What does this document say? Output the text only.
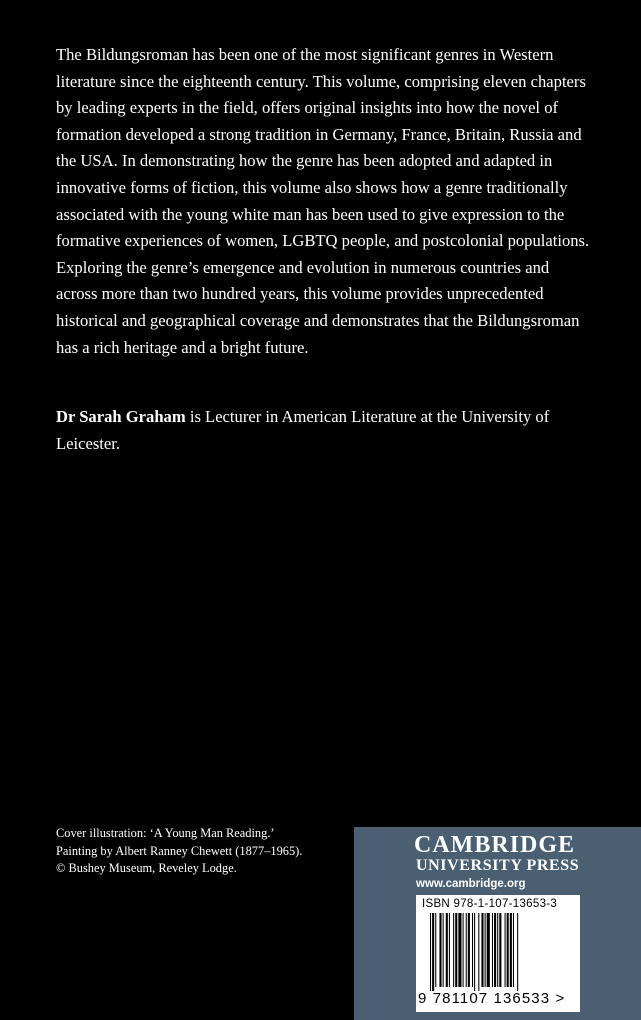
The Bildungsroman has been one of the most significant genres in Western literature since the eighteenth century. This volume, comprising eleven chapters by leading experts in the field, offers original insights into how the novel of formation developed a strong tradition in Germany, France, Britain, Russia and the USA. In demonstrating how the genre has been adopted and adapted in innovative forms of fiction, this volume also shows how a genre traditionally associated with the young white man has been used to give expression to the formative experiences of women, LGBTQ people, and postcolonial populations. Exploring the genre’s emergence and evolution in numerous countries and across more than two hundred years, this volume provides unprecedented historical and geographical coverage and demonstrates that the Bildungsroman has a rich heritage and a bright future.

Dr Sarah Graham is Lecturer in American Literature at the University of Leicester.

Cover illustration: ‘A Young Man Reading.’
Painting by Albert Ranney Chewett (1877–1965).
© Bushey Museum, Reveley Lodge.
CAMBRIDGE
UNIVERSITY PRESS
www.cambridge.org
ISBN 978-1-107-13653-3
9 781107 136533 >
